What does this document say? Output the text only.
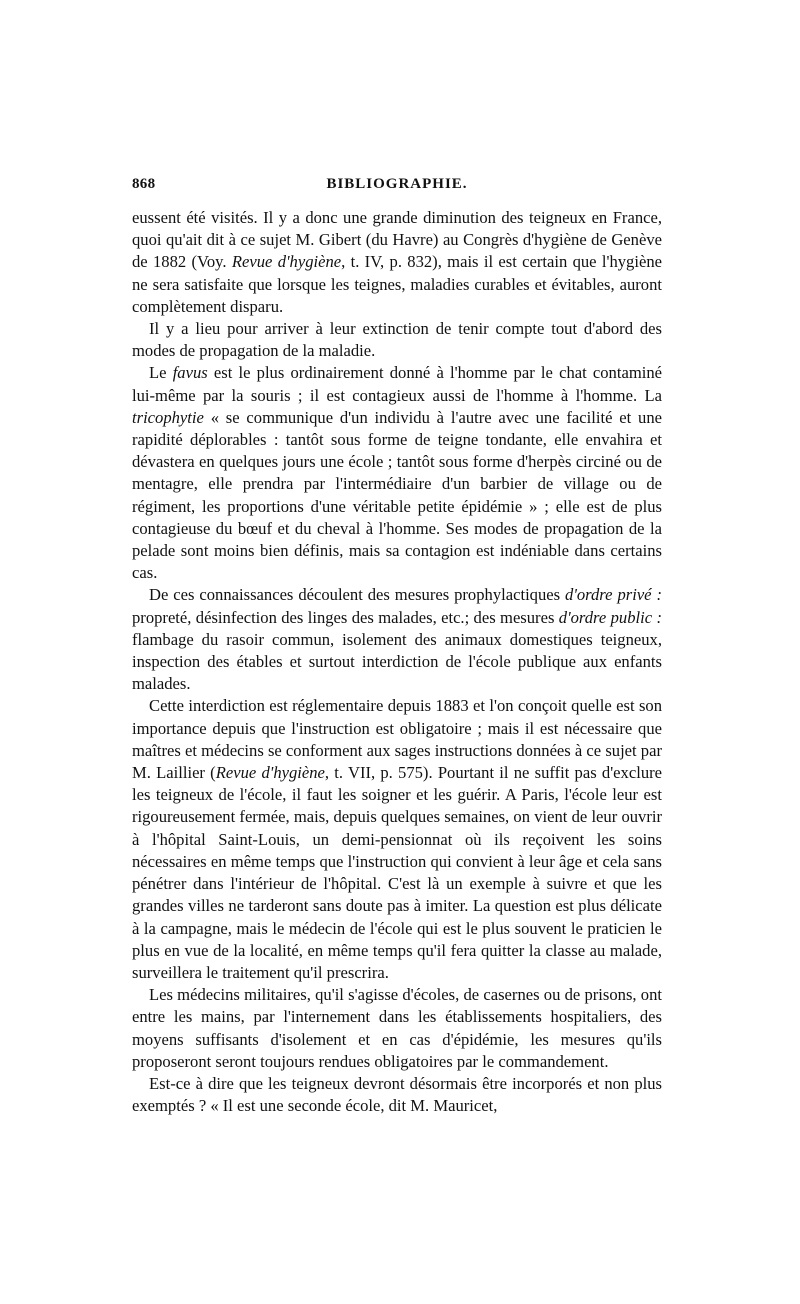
868	BIBLIOGRAPHIE.

eussent été visités. Il y a donc une grande diminution des teigneux en France, quoi qu'ait dit à ce sujet M. Gibert (du Havre) au Congrès d'hygiène de Genève de 1882 (Voy. Revue d'hygiène, t. IV, p. 832), mais il est certain que l'hygiène ne sera satisfaite que lorsque les teignes, maladies curables et évitables, auront complètement disparu.

Il y a lieu pour arriver à leur extinction de tenir compte tout d'abord des modes de propagation de la maladie.

Le favus est le plus ordinairement donné à l'homme par le chat contaminé lui-même par la souris ; il est contagieux aussi de l'homme à l'homme. La tricophytie « se communique d'un individu à l'autre avec une facilité et une rapidité déplorables : tantôt sous forme de teigne tondante, elle envahira et dévastera en quelques jours une école ; tantôt sous forme d'herpès circiné ou de mentagre, elle prendra par l'intermédiaire d'un barbier de village ou de régiment, les proportions d'une véritable petite épidémie » ; elle est de plus contagieuse du bœuf et du cheval à l'homme. Ses modes de propagation de la pelade sont moins bien définis, mais sa contagion est indéniable dans certains cas.

De ces connaissances découlent des mesures prophylactiques d'ordre privé : propreté, désinfection des linges des malades, etc.; des mesures d'ordre public : flambage du rasoir commun, isolement des animaux domestiques teigneux, inspection des étables et surtout interdiction de l'école publique aux enfants malades.

Cette interdiction est réglementaire depuis 1883 et l'on conçoit quelle est son importance depuis que l'instruction est obligatoire ; mais il est nécessaire que maîtres et médecins se conforment aux sages instructions données à ce sujet par M. Laillier (Revue d'hygiène, t. VII, p. 575). Pourtant il ne suffit pas d'exclure les teigneux de l'école, il faut les soigner et les guérir. A Paris, l'école leur est rigoureusement fermée, mais, depuis quelques semaines, on vient de leur ouvrir à l'hôpital Saint-Louis, un demi-pensionnat où ils reçoivent les soins nécessaires en même temps que l'instruction qui convient à leur âge et cela sans pénétrer dans l'intérieur de l'hôpital. C'est là un exemple à suivre et que les grandes villes ne tarderont sans doute pas à imiter. La question est plus délicate à la campagne, mais le médecin de l'école qui est le plus souvent le praticien le plus en vue de la localité, en même temps qu'il fera quitter la classe au malade, surveillera le traitement qu'il prescrira.

Les médecins militaires, qu'il s'agisse d'écoles, de casernes ou de prisons, ont entre les mains, par l'internement dans les établissements hospitaliers, des moyens suffisants d'isolement et en cas d'épidémie, les mesures qu'ils proposeront seront toujours rendues obligatoires par le commandement.

Est-ce à dire que les teigneux devront désormais être incorporés et non plus exemptés ? « Il est une seconde école, dit M. Mauricet,
